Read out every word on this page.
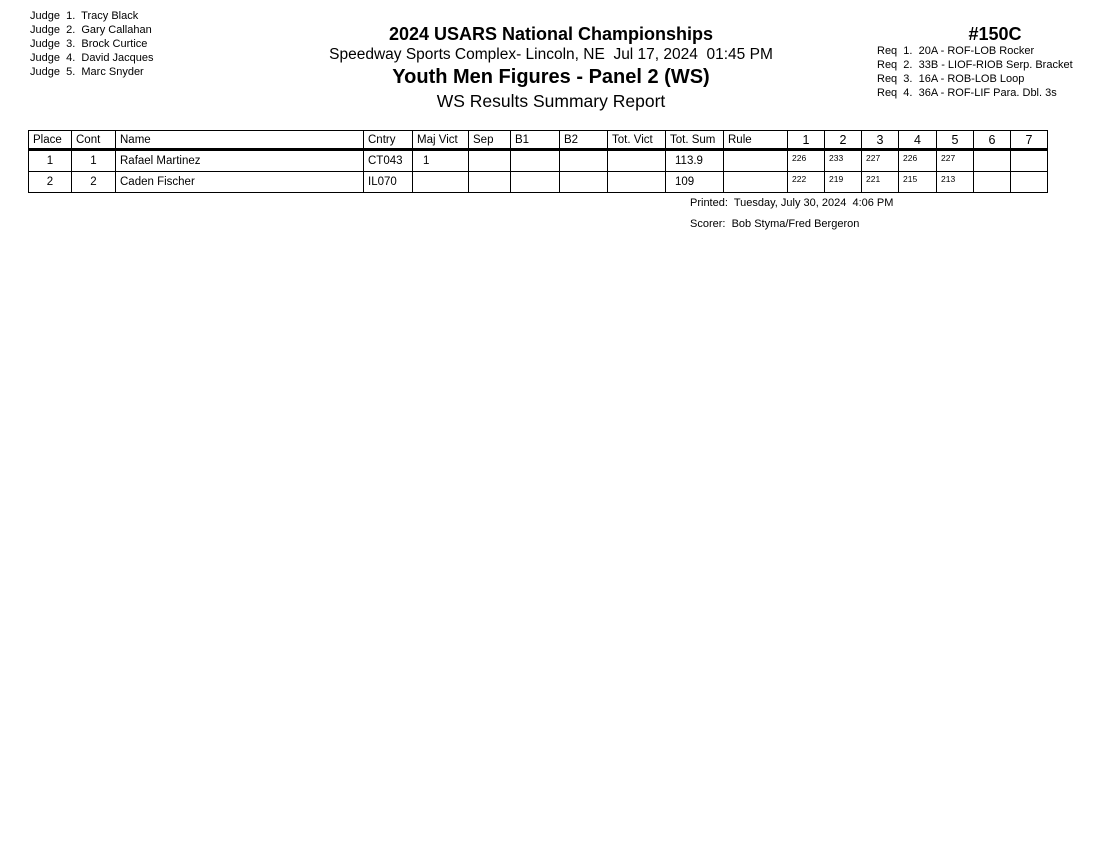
Judge  1.  Tracy Black
Judge  2.  Gary Callahan
Judge  3.  Brock Curtice
Judge  4.  David Jacques
Judge  5.  Marc Snyder
2024 USARS National Championships
Speedway Sports Complex- Lincoln, NE  Jul 17, 2024  01:45 PM
Youth Men Figures - Panel 2 (WS)
WS Results Summary Report
#150C
Req  1.  20A - ROF-LOB Rocker
Req  2.  33B - LIOF-RIOB Serp. Bracket
Req  3.  16A - ROB-LOB Loop
Req  4.  36A - ROF-LIF Para. Dbl. 3s
Place	Cont	Name	Cntry	Maj Vict	Sep	B1	B2	Tot. Vict	Tot. Sum	Rule	1	2	3	4	5	6	7
1	1	Rafael Martinez	CT043	1					113.9		226	233	227	226	227		
2	2	Caden Fischer	IL070						109		222	219	221	215	213		
Printed:  Tuesday, July 30, 2024  4:06 PM
Scorer:  Bob Styma/Fred Bergeron
